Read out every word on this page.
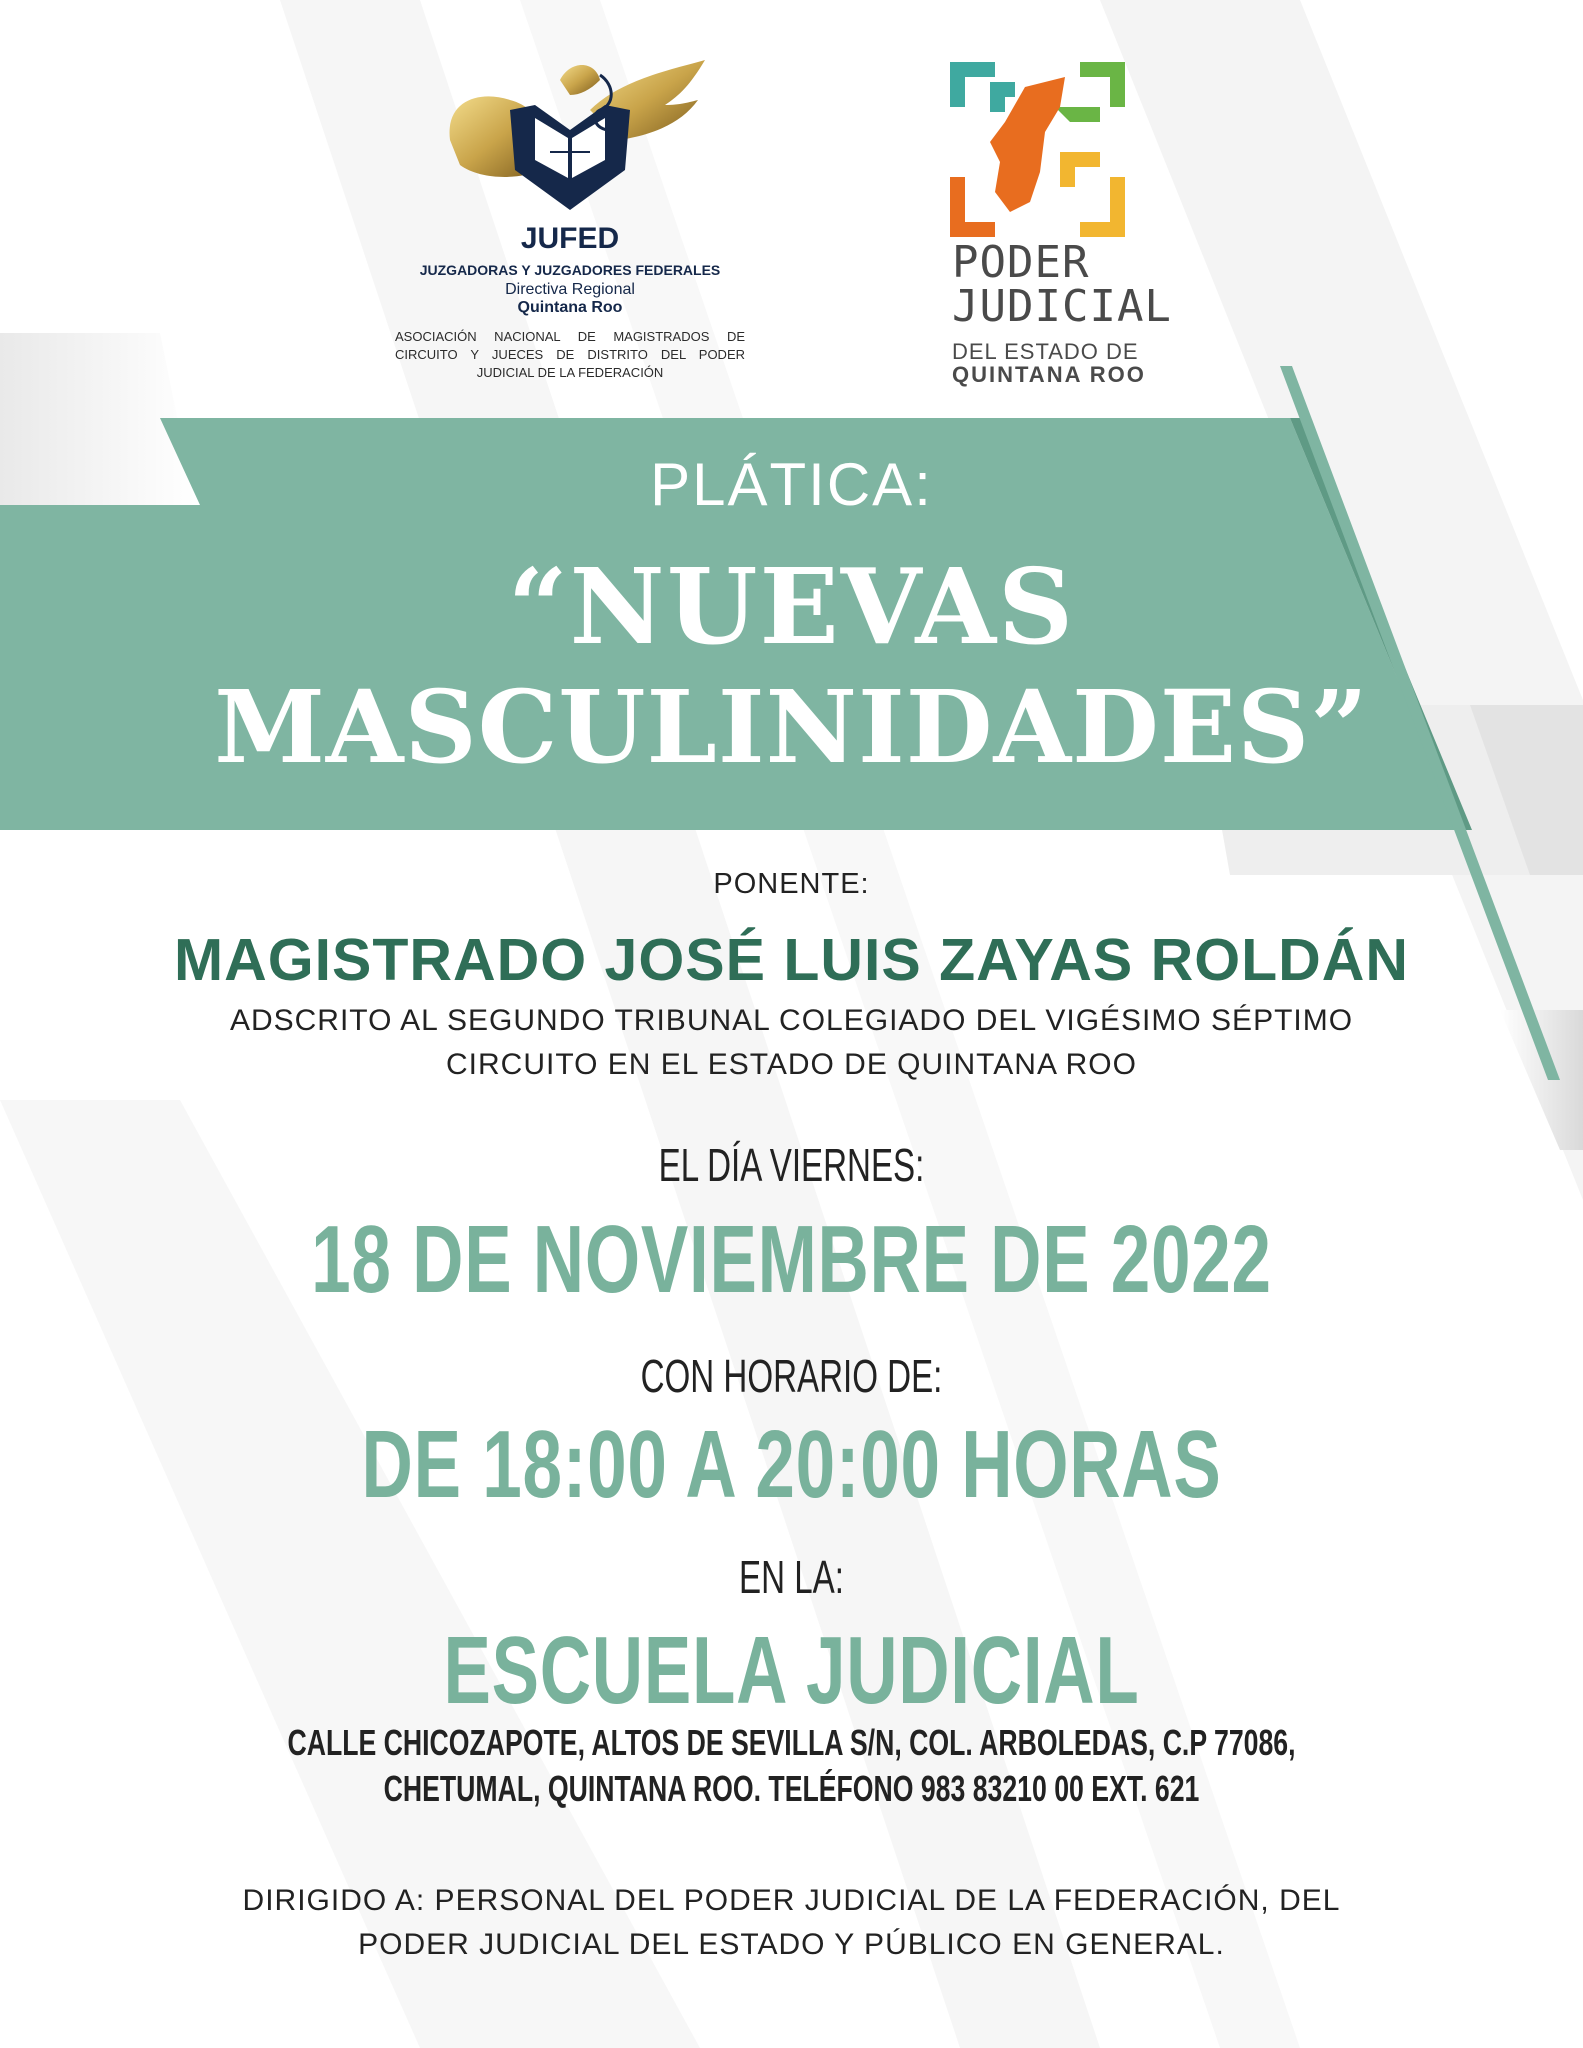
JUFED
JUZGADORAS Y JUZGADORES FEDERALES
Directiva Regional
Quintana Roo
ASOCIACIÓN NACIONAL DE MAGISTRADOS DE CIRCUITO Y JUECES DE DISTRITO DEL PODER JUDICIAL DE LA FEDERACIÓN
PODER
JUDICIAL
DEL ESTADO DE
QUINTANA ROO
PLÁTICA:
“NUEVAS
MASCULINIDADES”
PONENTE:
MAGISTRADO JOSÉ LUIS ZAYAS ROLDÁN
ADSCRITO AL SEGUNDO TRIBUNAL COLEGIADO DEL VIGÉSIMO SÉPTIMO
CIRCUITO EN EL ESTADO DE QUINTANA ROO
EL DÍA VIERNES:
18 DE NOVIEMBRE DE 2022
CON HORARIO DE:
DE 18:00 A 20:00 HORAS
EN LA:
ESCUELA JUDICIAL
CALLE CHICOZAPOTE, ALTOS DE SEVILLA S/N, COL. ARBOLEDAS, C.P 77086,
CHETUMAL, QUINTANA ROO. TELÉFONO 983 83210 00 EXT. 621
DIRIGIDO A: PERSONAL DEL PODER JUDICIAL DE LA FEDERACIÓN, DEL
PODER JUDICIAL DEL ESTADO Y PÚBLICO EN GENERAL.
